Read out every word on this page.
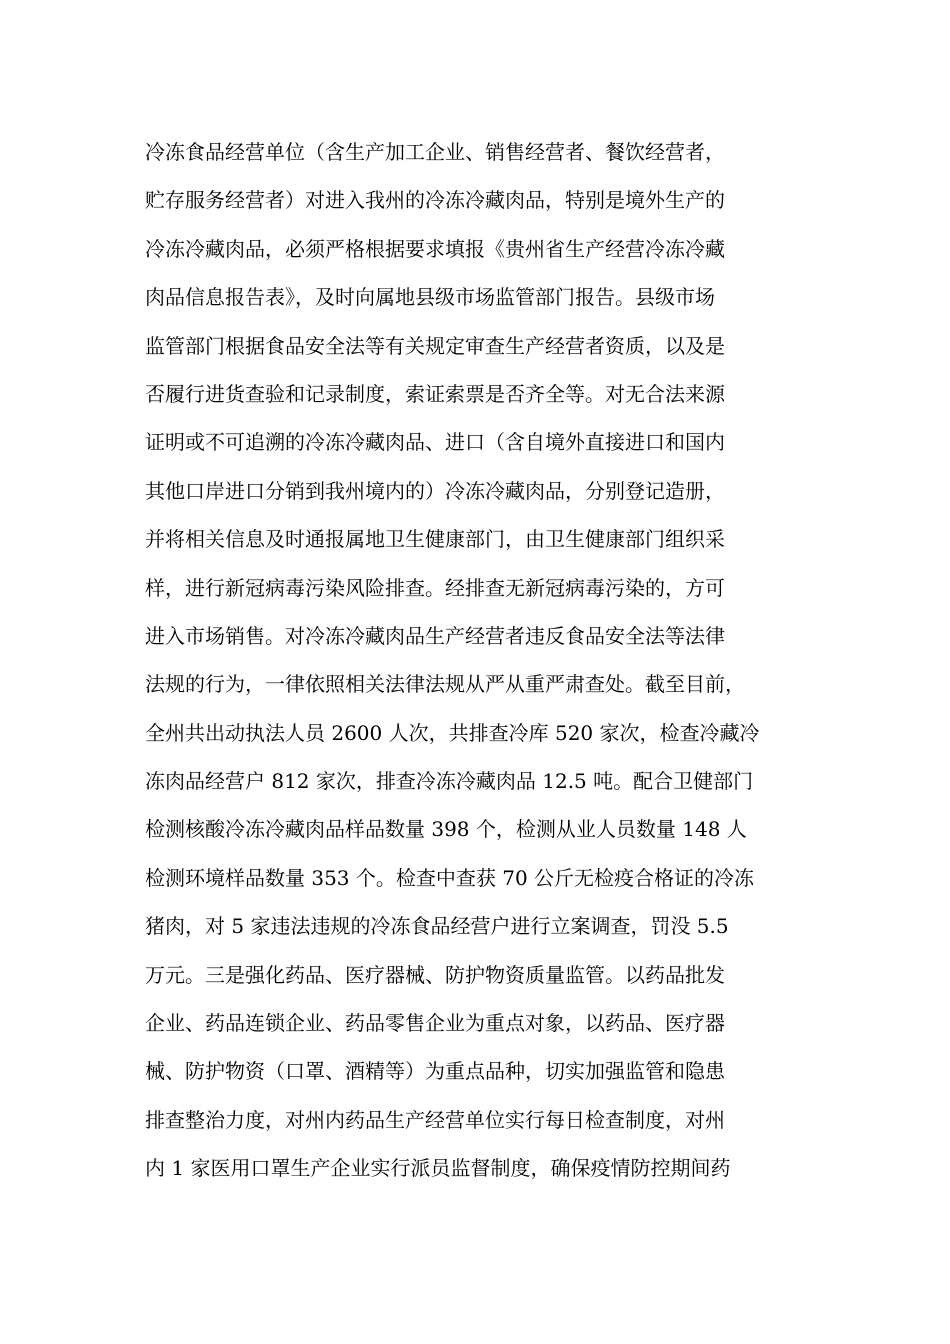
冷冻食品经营单位（含生产加工企业、销售经营者、餐饮经营者，
贮存服务经营者）对进入我州的冷冻冷藏肉品，特别是境外生产的
冷冻冷藏肉品，必须严格根据要求填报《贵州省生产经营冷冻冷藏
肉品信息报告表》，及时向属地县级市场监管部门报告。县级市场
监管部门根据食品安全法等有关规定审查生产经营者资质，以及是
否履行进货查验和记录制度，索证索票是否齐全等。对无合法来源
证明或不可追溯的冷冻冷藏肉品、进口（含自境外直接进口和国内
其他口岸进口分销到我州境内的）冷冻冷藏肉品，分别登记造册，
并将相关信息及时通报属地卫生健康部门，由卫生健康部门组织采
样，进行新冠病毒污染风险排查。经排查无新冠病毒污染的，方可
进入市场销售。对冷冻冷藏肉品生产经营者违反食品安全法等法律
法规的行为，一律依照相关法律法规从严从重严肃查处。截至目前，
全州共出动执法人员 2600 人次，共排查冷库 520 家次，检查冷藏冷
冻肉品经营户 812 家次，排查冷冻冷藏肉品 12.5 吨。配合卫健部门
检测核酸冷冻冷藏肉品样品数量 398 个，检测从业人员数量 148 人
检测环境样品数量 353 个。检查中查获 70 公斤无检疫合格证的冷冻
猪肉，对 5 家违法违规的冷冻食品经营户进行立案调查，罚没 5.5
万元。三是强化药品、医疗器械、防护物资质量监管。以药品批发
企业、药品连锁企业、药品零售企业为重点对象，以药品、医疗器
械、防护物资（口罩、酒精等）为重点品种，切实加强监管和隐患
排查整治力度，对州内药品生产经营单位实行每日检查制度，对州
内 1 家医用口罩生产企业实行派员监督制度，确保疫情防控期间药
